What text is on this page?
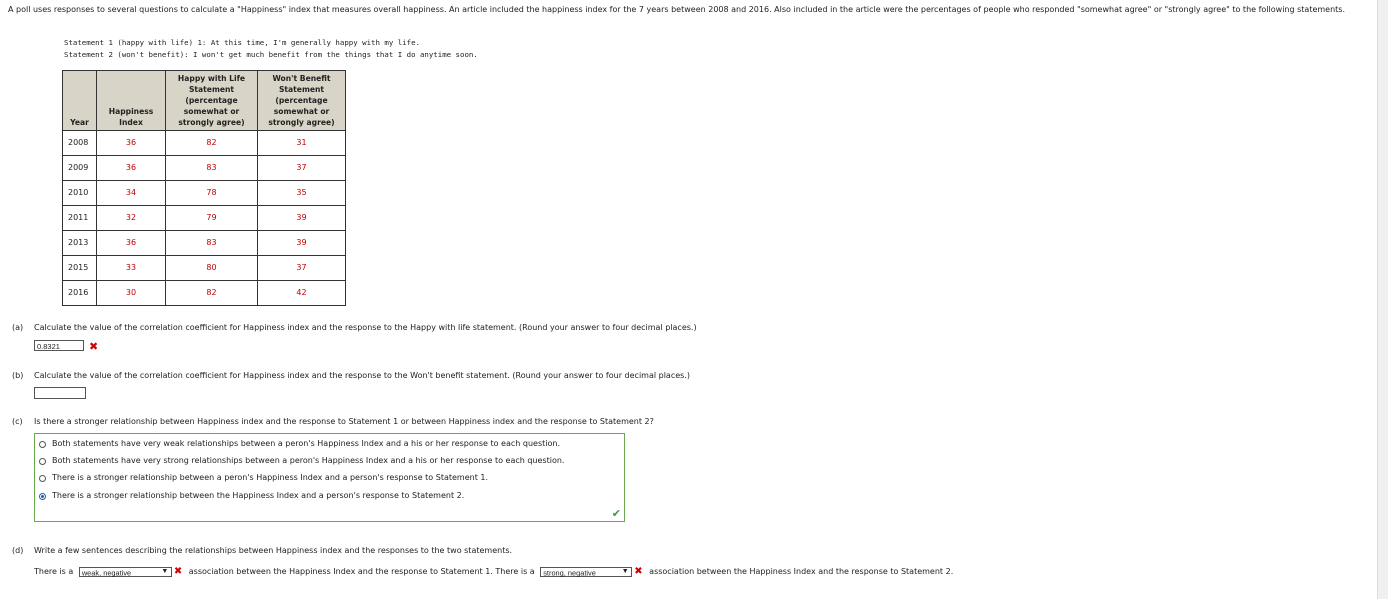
A poll uses responses to several questions to calculate a "Happiness" index that measures overall happiness. An article included the happiness index for the 7 years between 2008 and 2016. Also included in the article were the percentages of people who responded "somewhat agree" or "strongly agree" to the following statements.
Statement 1 (happy with life) 1: At this time, I'm generally happy with my life.
Statement 2 (won't benefit): I won't get much benefit from the things that I do anytime soon.
Year	Happiness Index	Happy with Life Statement (percentage somewhat or strongly agree)	Won't Benefit Statement (percentage somewhat or strongly agree)
2008	36	82	31
2009	36	83	37
2010	34	78	35
2011	32	79	39
2013	36	83	39
2015	33	80	37
2016	30	82	42
(a) Calculate the value of the correlation coefficient for Happiness index and the response to the Happy with life statement. (Round your answer to four decimal places.)
0.8321	✖
(b) Calculate the value of the correlation coefficient for Happiness index and the response to the Won't benefit statement. (Round your answer to four decimal places.)
(c) Is there a stronger relationship between Happiness index and the response to Statement 1 or between Happiness index and the response to Statement 2?
Both statements have very weak relationships between a peron's Happiness Index and a his or her response to each question.
Both statements have very strong relationships between a peron's Happiness Index and a his or her response to each question.
There is a stronger relationship between a peron's Happiness Index and a person's response to Statement 1.
There is a stronger relationship between the Happiness Index and a person's response to Statement 2.
✔
(d) Write a few sentences describing the relationships between Happiness index and the responses to the two statements.
There is a weak, negative	▼ ✖ association between the Happiness Index and the response to Statement 1. There is a strong, negative	▼ ✖ association between the Happiness Index and the response to Statement 2.
